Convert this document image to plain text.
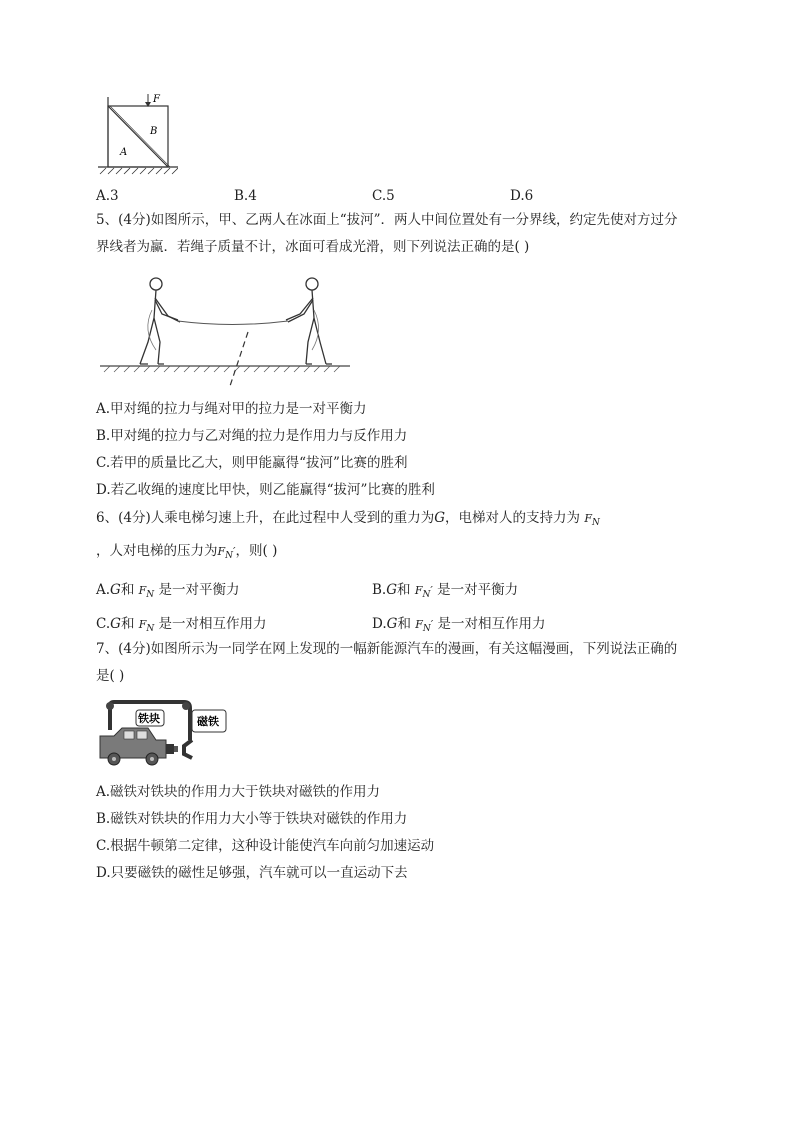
F
B
A
A.3	B.4	C.5	D.6
5、(4分)如图所示，甲、乙两人在冰面上“拔河”．两人中间位置处有一分界线，约定先使对方过分
界线者为赢．若绳子质量不计，冰面可看成光滑，则下列说法正确的是( )
A.甲对绳的拉力与绳对甲的拉力是一对平衡力
B.甲对绳的拉力与乙对绳的拉力是作用力与反作用力
C.若甲的质量比乙大，则甲能赢得“拔河”比赛的胜利
D.若乙收绳的速度比甲快，则乙能赢得“拔河”比赛的胜利
6、(4分)人乘电梯匀速上升，在此过程中人受到的重力为G，电梯对人的支持力为 $F_N$
，人对电梯的压力为$F_N'$，则( )
A.G和 $F_N$ 是一对平衡力	B.G和 $F_N'$ 是一对平衡力
C.G和 $F_N$ 是一对相互作用力	D.G和 $F_N'$ 是一对相互作用力
7、(4分)如图所示为一同学在网上发现的一幅新能源汽车的漫画，有关这幅漫画，下列说法正确的
是( )
铁块	磁铁
A.磁铁对铁块的作用力大于铁块对磁铁的作用力
B.磁铁对铁块的作用力大小等于铁块对磁铁的作用力
C.根据牛顿第二定律，这种设计能使汽车向前匀加速运动
D.只要磁铁的磁性足够强，汽车就可以一直运动下去
